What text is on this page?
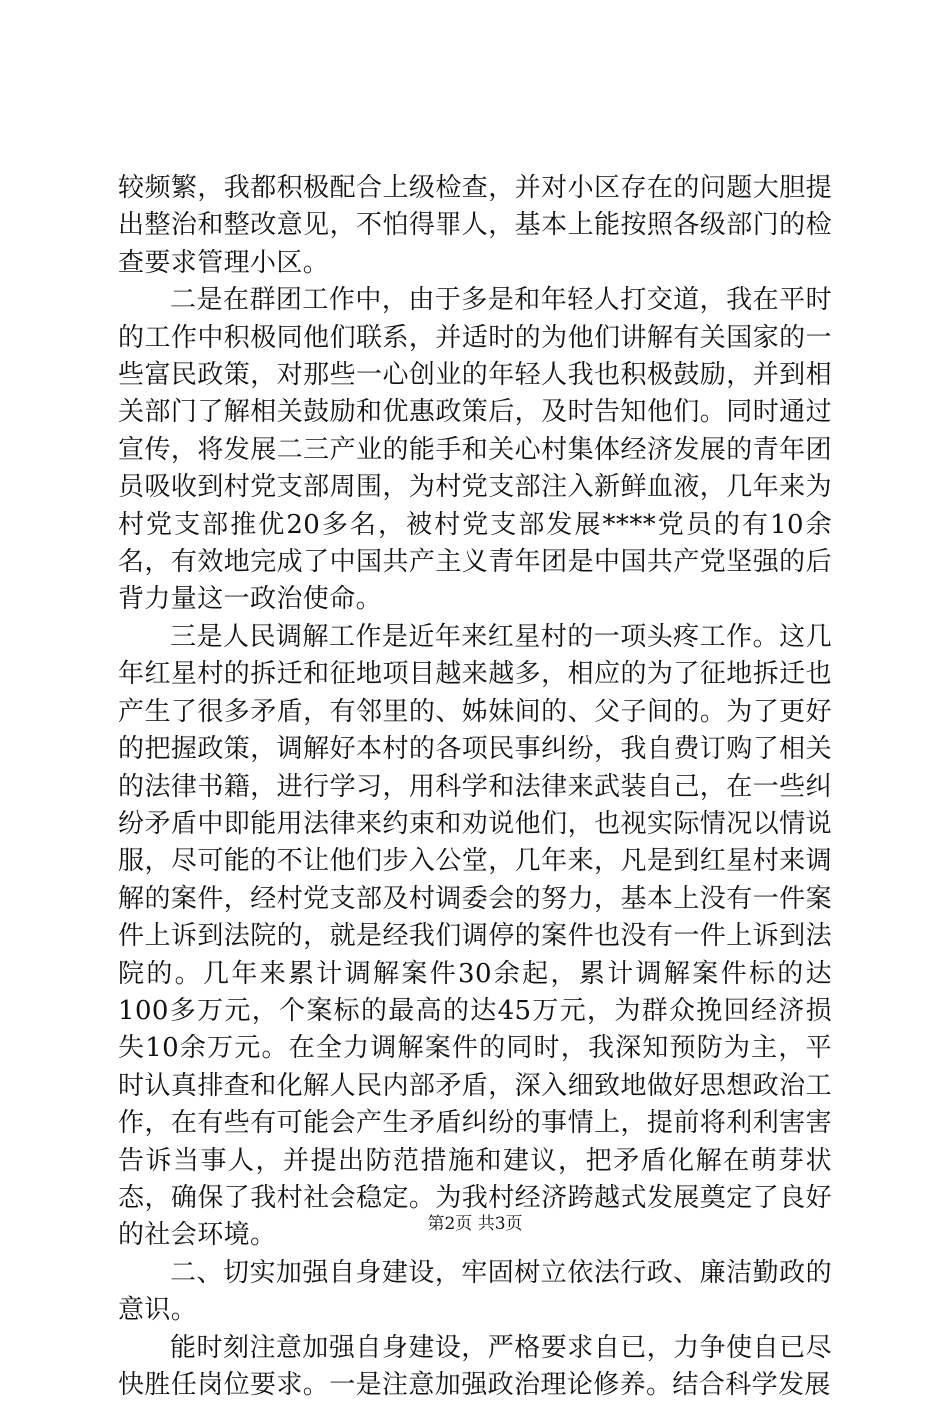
较频繁，我都积极配合上级检查，并对小区存在的问题大胆提出整治和整改意见，不怕得罪人，基本上能按照各级部门的检查要求管理小区。

二是在群团工作中，由于多是和年轻人打交道，我在平时的工作中积极同他们联系，并适时的为他们讲解有关国家的一些富民政策，对那些一心创业的年轻人我也积极鼓励，并到相关部门了解相关鼓励和优惠政策后，及时告知他们。同时通过宣传，将发展二三产业的能手和关心村集体经济发展的青年团员吸收到村党支部周围，为村党支部注入新鲜血液，几年来为村党支部推优20多名，被村党支部发展****党员的有10余名，有效地完成了中国共产主义青年团是中国共产党坚强的后背力量这一政治使命。

三是人民调解工作是近年来红星村的一项头疼工作。这几年红星村的拆迁和征地项目越来越多，相应的为了征地拆迁也产生了很多矛盾，有邻里的、姊妹间的、父子间的。为了更好的把握政策，调解好本村的各项民事纠纷，我自费订购了相关的法律书籍，进行学习，用科学和法律来武装自己，在一些纠纷矛盾中即能用法律来约束和劝说他们，也视实际情况以情说服，尽可能的不让他们步入公堂，几年来，凡是到红星村来调解的案件，经村党支部及村调委会的努力，基本上没有一件案件上诉到法院的，就是经我们调停的案件也没有一件上诉到法院的。几年来累计调解案件30余起，累计调解案件标的达100多万元，个案标的最高的达45万元，为群众挽回经济损失10余万元。在全力调解案件的同时，我深知预防为主，平时认真排查和化解人民内部矛盾，深入细致地做好思想政治工作，在有些有可能会产生矛盾纠纷的事情上，提前将利利害害告诉当事人，并提出防范措施和建议，把矛盾化解在萌芽状态，确保了我村社会稳定。为我村经济跨越式发展奠定了良好的社会环境。

二、切实加强自身建设，牢固树立依法行政、廉洁勤政的意识。

能时刻注意加强自身建设，严格要求自已，力争使自已尽快胜任岗位要求。一是注意加强政治理论修养。结合科学发展

第2页 共3页
